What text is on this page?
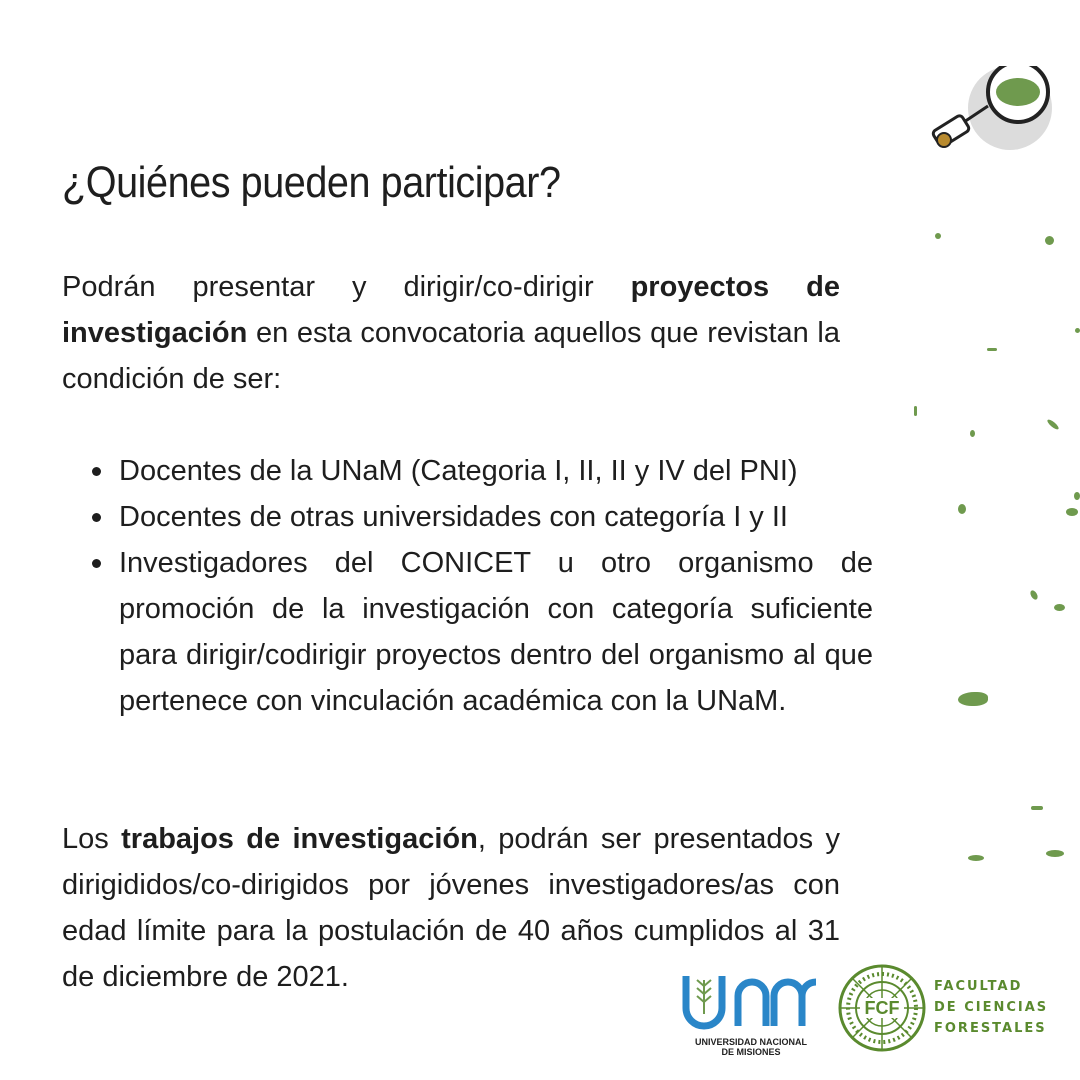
¿Quiénes pueden participar?

Podrán presentar y dirigir/co-dirigir proyectos de investigación en esta convocatoria aquellos que revistan la condición de ser:

Docentes de la UNaM (Categoria I, II, II y IV del PNI)
Docentes de otras universidades con categoría I y II
Investigadores del CONICET u otro organismo de promoción de la investigación con categoría suficiente para dirigir/codirigir proyectos dentro del organismo al que pertenece con vinculación académica con la UNaM.

Los trabajos de investigación, podrán ser presentados y dirigididos/co-dirigidos por jóvenes investigadores/as con edad límite para la postulación de 40 años cumplidos al 31 de diciembre de 2021.

UNIVERSIDAD NACIONAL
DE MISIONES
FCF
FACULTAD
DE CIENCIAS
FORESTALES
